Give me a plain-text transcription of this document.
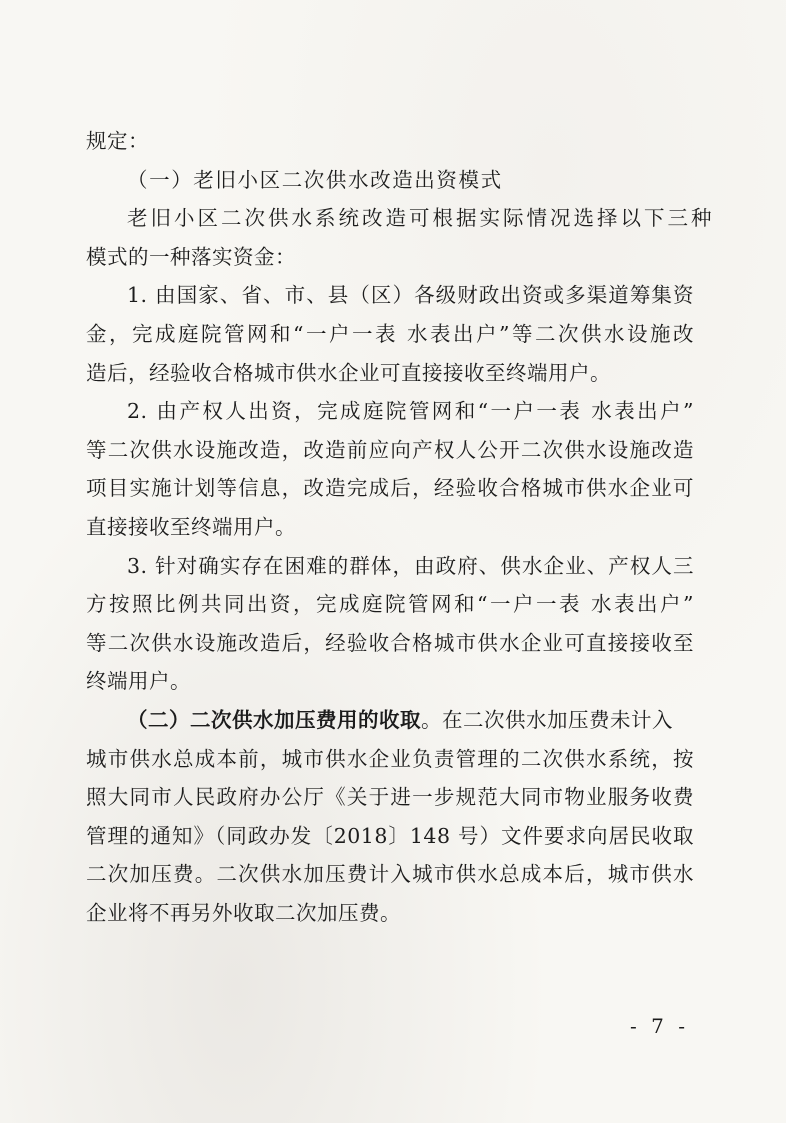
规定：
（一）老旧小区二次供水改造出资模式
老旧小区二次供水系统改造可根据实际情况选择以下三种
模式的一种落实资金：
1. 由国家、省、市、县（区）各级财政出资或多渠道筹集资
金，完成庭院管网和“一户一表 水表出户”等二次供水设施改
造后，经验收合格城市供水企业可直接接收至终端用户。
2. 由产权人出资，完成庭院管网和“一户一表 水表出户”
等二次供水设施改造，改造前应向产权人公开二次供水设施改造
项目实施计划等信息，改造完成后，经验收合格城市供水企业可
直接接收至终端用户。
3. 针对确实存在困难的群体，由政府、供水企业、产权人三
方按照比例共同出资，完成庭院管网和“一户一表 水表出户”
等二次供水设施改造后，经验收合格城市供水企业可直接接收至
终端用户。
（二）二次供水加压费用的收取。在二次供水加压费未计入
城市供水总成本前，城市供水企业负责管理的二次供水系统，按
照大同市人民政府办公厅《关于进一步规范大同市物业服务收费
管理的通知》（同政办发〔2018〕148 号）文件要求向居民收取
二次加压费。二次供水加压费计入城市供水总成本后，城市供水
企业将不再另外收取二次加压费。
- 7 -
